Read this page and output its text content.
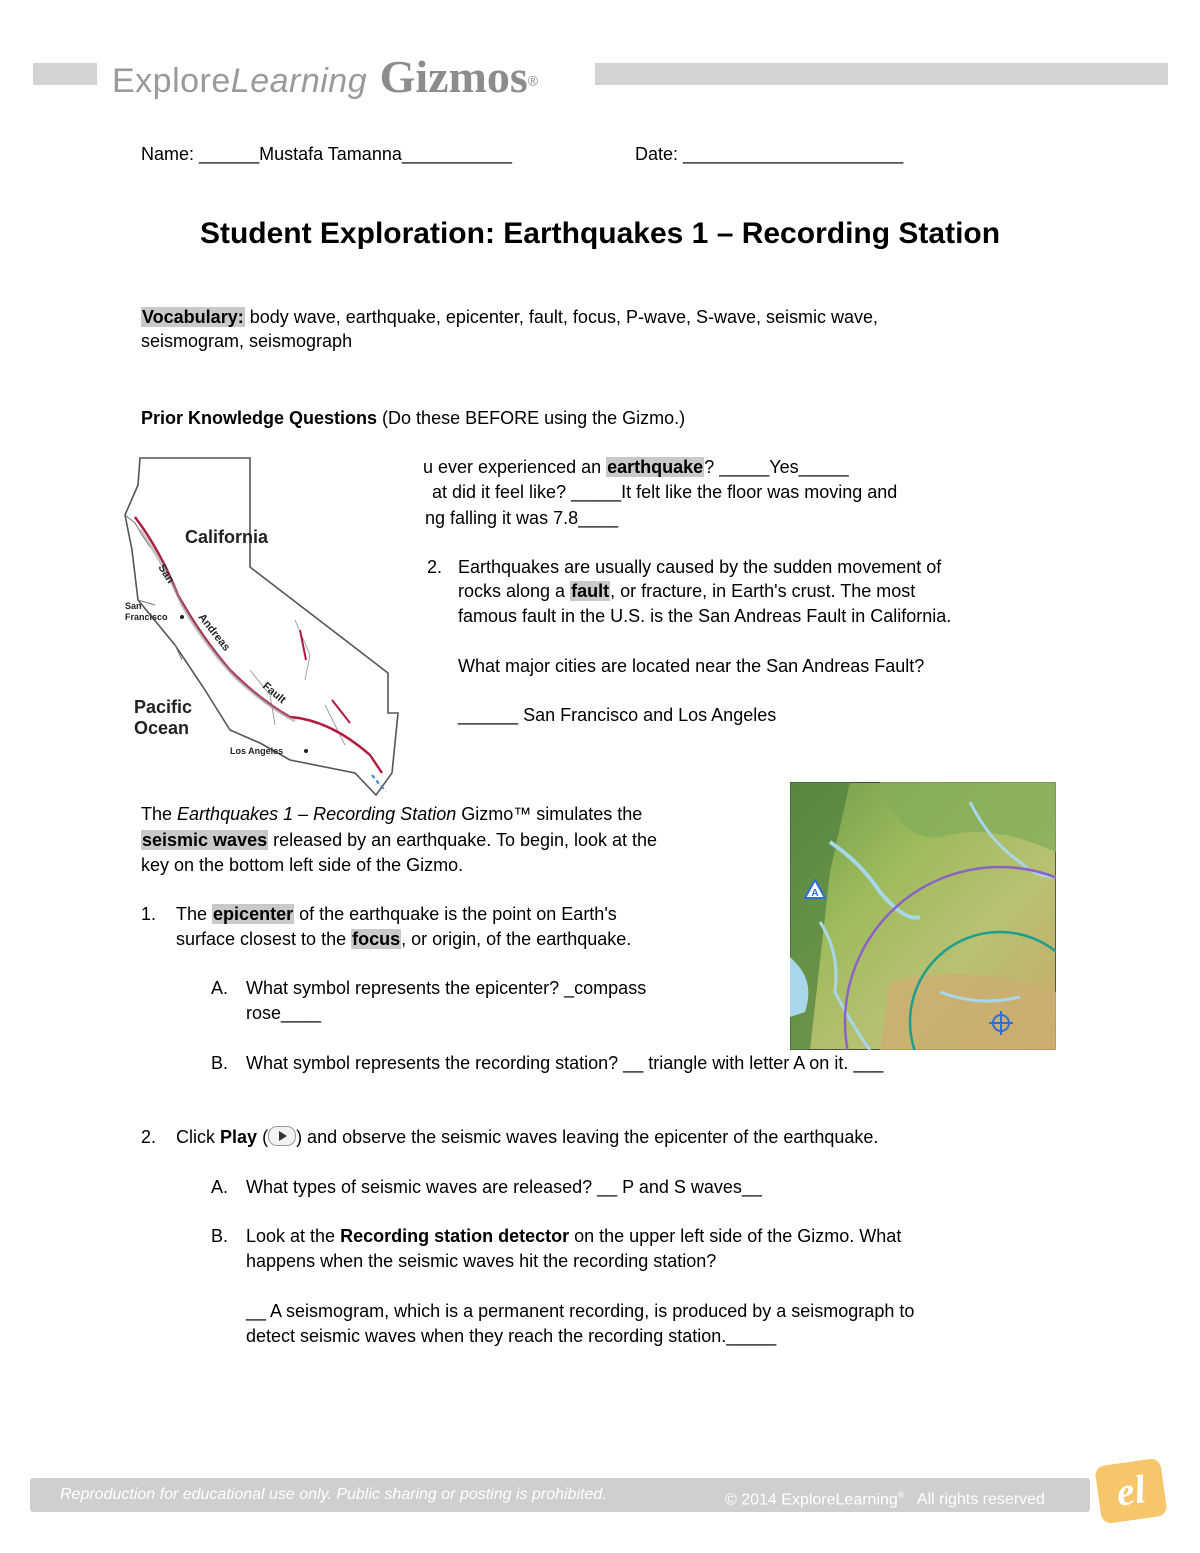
ExploreLearning Gizmos®
Name: ______Mustafa Tamanna___________	Date: ______________________
Student Exploration: Earthquakes 1 – Recording Station
Vocabulary: body wave, earthquake, epicenter, fault, focus, P-wave, S-wave, seismic wave,
seismogram, seismograph
Prior Knowledge Questions (Do these BEFORE using the Gizmo.)
California
San
Andreas
Fault
San
Francisco
Pacific
Ocean
Los Angeles
u ever experienced an earthquake? _____Yes_____
at did it feel like? _____It felt like the floor was moving and
ng falling it was 7.8____
2. Earthquakes are usually caused by the sudden movement of
rocks along a fault, or fracture, in Earth's crust. The most
famous fault in the U.S. is the San Andreas Fault in California.
What major cities are located near the San Andreas Fault?
______ San Francisco and Los Angeles
The Earthquakes 1 – Recording Station Gizmo™ simulates the
seismic waves released by an earthquake. To begin, look at the
key on the bottom left side of the Gizmo.
A
1. The epicenter of the earthquake is the point on Earth's
surface closest to the focus, or origin, of the earthquake.
A. What symbol represents the epicenter? _compass
rose____
B. What symbol represents the recording station? __ triangle with letter A on it. ___
2. Click Play ( ) and observe the seismic waves leaving the epicenter of the earthquake.
A. What types of seismic waves are released? __ P and S waves__
B. Look at the Recording station detector on the upper left side of the Gizmo. What
happens when the seismic waves hit the recording station?
__ A seismogram, which is a permanent recording, is produced by a seismograph to
detect seismic waves when they reach the recording station._____
Reproduction for educational use only. Public sharing or posting is prohibited.	© 2014 ExploreLearning® All rights reserved	el
